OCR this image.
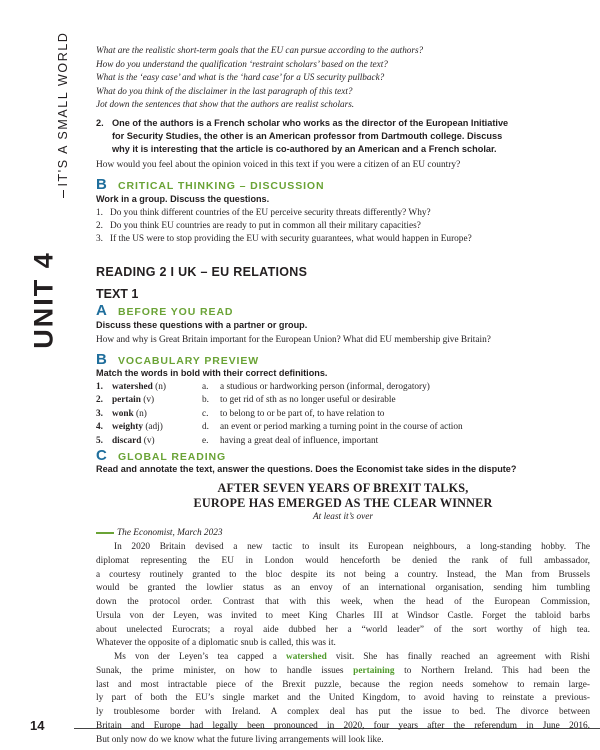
UNIT 4
IT'S A SMALL WORLD
14
What are the realistic short-term goals that the EU can pursue according to the authors?
How do you understand the qualification ‘restraint scholars’ based on the text?
What is the ‘easy case’ and what is the ‘hard case’ for a US security pullback?
What do you think of the disclaimer in the last paragraph of this text?
Jot down the sentences that show that the authors are realist scholars.
2. One of the authors is a French scholar who works as the director of the European Initiative
for Security Studies, the other is an American professor from Dartmouth college. Discuss
why it is interesting that the article is co-authored by an American and a French scholar.
How would you feel about the opinion voiced in this text if you were a citizen of an EU country?
B CRITICAL THINKING – DISCUSSION
Work in a group. Discuss the questions.
1. Do you think different countries of the EU perceive security threats differently? Why?
2. Do you think EU countries are ready to put in common all their military capacities?
3. If the US were to stop providing the EU with security guarantees, what would happen in Europe?
READING 2 I UK – EU RELATIONS
TEXT 1
A BEFORE YOU READ
Discuss these questions with a partner or group.
How and why is Great Britain important for the European Union? What did EU membership give Britain?
B VOCABULARY PREVIEW
Match the words in bold with their correct definitions.
1. watershed (n)	a. a studious or hardworking person (informal, derogatory)
2. pertain (v)	b. to get rid of sth as no longer useful or desirable
3. wonk (n)	c. to belong to or be part of, to have relation to
4. weighty (adj)	d. an event or period marking a turning point in the course of action
5. discard (v)	e. having a great deal of influence, important
C GLOBAL READING
Read and annotate the text, answer the questions. Does the Economist take sides in the dispute?
AFTER SEVEN YEARS OF BREXIT TALKS,
EUROPE HAS EMERGED AS THE CLEAR WINNER
At least it’s over
The Economist, March 2023
In 2020 Britain devised a new tactic to insult its European neighbours, a long-standing hobby. The
diplomat representing the EU in London would henceforth be denied the rank of full ambassador,
a courtesy routinely granted to the bloc despite its not being a country. Instead, the Man from Brussels
would be granted the lowlier status as an envoy of an international organisation, sending him tumbling
down the protocol order. Contrast that with this week, when the head of the European Commission,
Ursula von der Leyen, was invited to meet King Charles III at Windsor Castle. Forget the tabloid barbs
about unelected Eurocrats; a royal aide dubbed her a “world leader” of the sort worthy of high tea.
Whatever the opposite of a diplomatic snub is called, this was it.
Ms von der Leyen’s tea capped a watershed visit. She has finally reached an agreement with Rishi
Sunak, the prime minister, on how to handle issues pertaining to Northern Ireland. This had been the
last and most intractable piece of the Brexit puzzle, because the region needs somehow to remain large-
ly part of both the EU’s single market and the United Kingdom, to avoid having to reinstate a previous-
ly troublesome border with Ireland. A complex deal has put the issue to bed. The divorce between
Britain and Europe had legally been pronounced in 2020, four years after the referendum in June 2016.
But only now do we know what the future living arrangements will look like.
